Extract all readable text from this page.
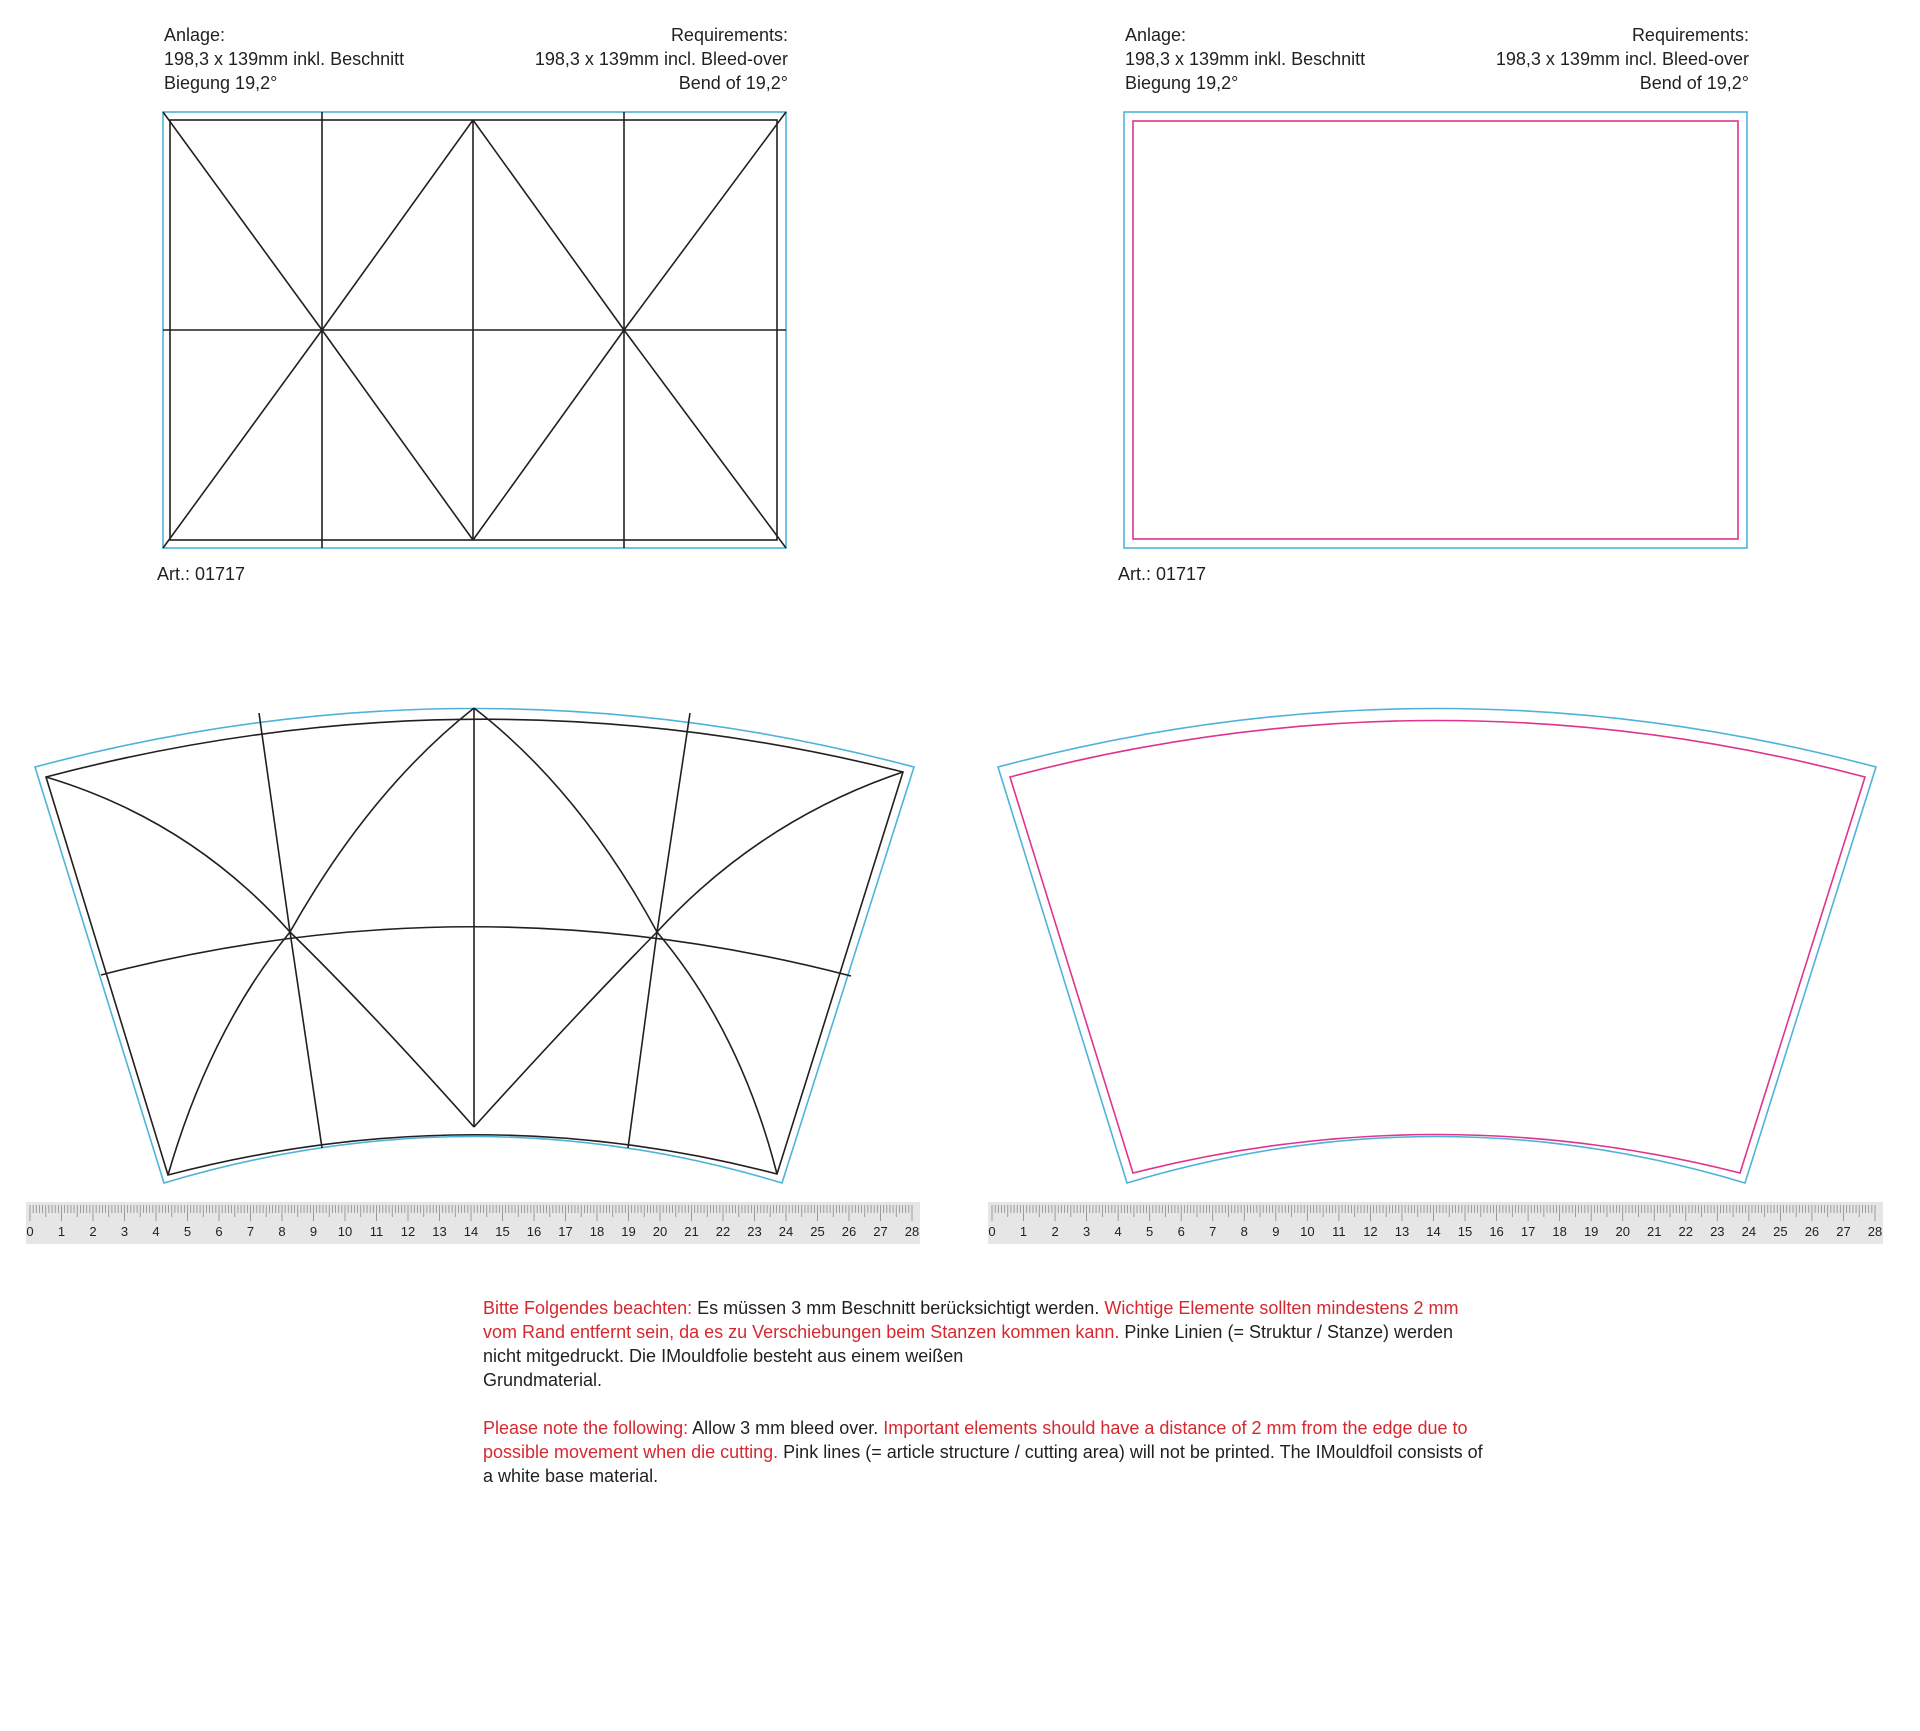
Anlage:
198,3 x 139mm inkl. Beschnitt
Biegung 19,2°
Requirements:
198,3 x 139mm incl. Bleed-over
Bend of 19,2°
Anlage:
198,3 x 139mm inkl. Beschnitt
Biegung 19,2°
Requirements:
198,3 x 139mm incl. Bleed-over
Bend of 19,2°
Art.: 01717	Art.: 01717
0 1 2 3 4 5 6 7 8 9 10 11 12 13 14 15 16 17 18 19 20 21 22 23 24 25 26 27 28	0 1 2 3 4 5 6 7 8 9 10 11 12 13 14 15 16 17 18 19 20 21 22 23 24 25 26 27 28

Bitte Folgendes beachten: Es müssen 3 mm Beschnitt berücksichtigt werden. Wichtige Elemente sollten mindestens 2 mm vom Rand entfernt sein, da es zu Verschiebungen beim Stanzen kommen kann. Pinke Linien (= Struktur / Stanze) werden nicht mitgedruckt. Die IMouldfolie besteht aus einem weißen
Grundmaterial.

Please note the following: Allow 3 mm bleed over. Important elements should have a distance of 2 mm from the edge due to possible movement when die cutting. Pink lines (= article structure / cutting area) will not be printed. The IMouldfoil consists of a white base material.
